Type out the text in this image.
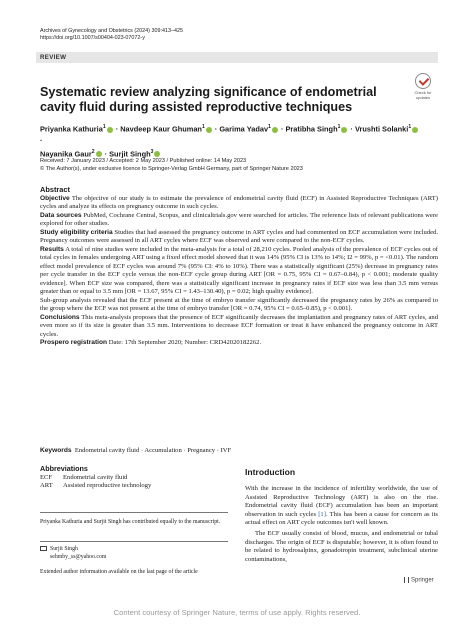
Archives of Gynecology and Obstetrics (2024) 309:413–425
https://doi.org/10.1007/s00404-023-07072-y
REVIEW
Check for updates
Systematic review analyzing significance of endometrial cavity fluid during assisted reproductive techniques
Priyanka Kathuria$^1$ · Navdeep Kaur Ghuman$^1$ · Garima Yadav$^1$ · Pratibha Singh$^1$ · Vrushti Solanki$^1$ ·
Nayanika Gaur$^2$ · Surjit Singh$^3$
Received: 7 January 2023 / Accepted: 2 May 2023 / Published online: 14 May 2023
© The Author(s), under exclusive licence to Springer-Verlag GmbH Germany, part of Springer Nature 2023

Abstract

Objective The objective of our study is to estimate the prevalence of endometrial cavity fluid (ECF) in Assisted Reproductive Techniques (ART) cycles and analyze its effects on pregnancy outcome in such cycles.

Data sources PubMed, Cochrane Central, Scopus, and clinicaltrials.gov were searched for articles. The reference lists of relevant publications were explored for other studies.

Study eligibility criteria Studies that had assessed the pregnancy outcome in ART cycles and had commented on ECF accumulation were included. Pregnancy outcomes were assessed in all ART cycles where ECF was observed and were compared to the non-ECF cycles.

Results A total of nine studies were included in the meta-analysis for a total of 28,210 cycles. Pooled analysis of the prevalence of ECF cycles out of total cycles in females undergoing ART using a fixed effect model showed that it was 14% (95% CI is 13% to 14%; I2 = 99%, p = <0.01). The random effect model prevalence of ECF cycles was around 7% (95% CI: 4% to 10%). There was a statistically significant (25%) decrease in pregnancy rates per cycle transfer in the ECF cycle versus the non-ECF cycle group during ART [OR = 0.75, 95% CI = 0.67–0.84), p < 0.001; moderate quality evidence]. When ECF size was compared, there was a statistically significant increase in pregnancy rates if ECF size was less than 3.5 mm versus greater than or equal to 3.5 mm [OR = 13.67, 95% CI = 1.43–130.40), p = 0.02; high quality evidence].

Sub-group analysis revealed that the ECF present at the time of embryo transfer significantly decreased the pregnancy rates by 26% as compared to the group where the ECF was not present at the time of embryo transfer [OR = 0.74, 95% CI = 0.65–0.85), p < 0.001].

Conclusions This meta-analysis proposes that the presence of ECF significantly decreases the implantation and pregnancy rates of ART cycles, and even more so if its size is greater than 3.5 mm. Interventions to decrease ECF formation or treat it have enhanced the pregnancy outcome in ART cycles.

Prospero registration Date: 17th September 2020; Number: CRD42020182262.

Keywords Endometrial cavity fluid · Accumulation · Pregnancy · IVF
Abbreviations
ECF	Endometrial cavity fluid
ART	Assisted reproductive technology
Priyanka Kathuria and Surjit Singh has contributed equally to the manuscript.
Surjit Singh
sehmby_ss@yahoo.com
Extended author information available on the last page of the article
Introduction

With the increase in the incidence of infertility worldwide, the use of Assisted Reproductive Technology (ART) is also on the rise. Endometrial cavity fluid (ECF) accumulation has been an important observation in such cycles [1]. This has been a cause for concern as its actual effect on ART cycle outcomes isn't well known.

The ECF usually consist of blood, mucus, and endometrial or tubal discharges. The origin of ECF is disputable; however, it is often found to be related to hydrosalpinx, gonadotropin treatment, subclinical uterine contaminations,

Springer
Content courtesy of Springer Nature, terms of use apply. Rights reserved.
